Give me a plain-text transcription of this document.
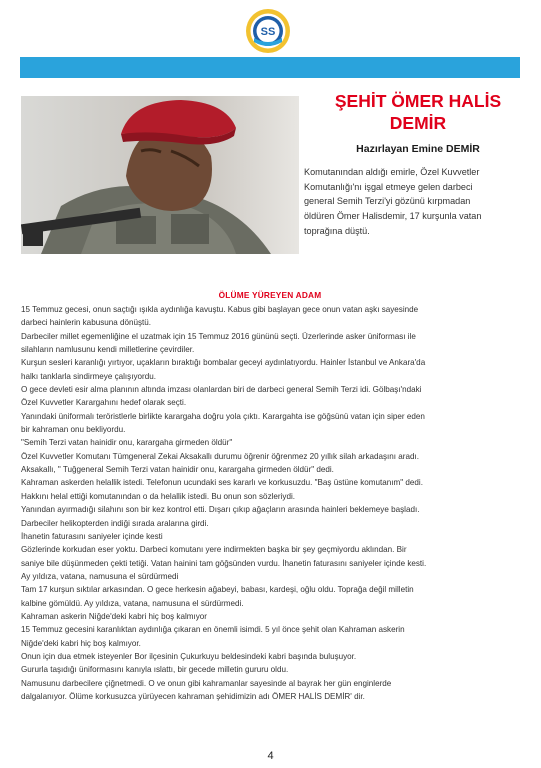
SS
ŞEHİT ÖMER HALİS
DEMİR
Hazırlayan Emine DEMİR
Komutanından aldığı emirle, Özel Kuvvetler
Komutanlığı'nı işgal etmeye gelen darbeci
general Semih Terzi'yi gözünü kırpmadan
öldüren Ömer Halisdemir, 17 kurşunla vatan
toprağına düştü.
ÖLÜME YÜREYEN ADAM

15 Temmuz gecesi, onun saçtığı ışıkla aydınlığa kavuştu. Kabus gibi başlayan gece onun vatan aşkı sayesinde

darbeci hainlerin kabusuna dönüştü.

Darbeciler millet egemenliğine el uzatmak için 15 Temmuz 2016 gününü seçti. Üzerlerinde asker üniforması ile

silahların namlusunu kendi milletlerine çevirdiler.

Kurşun sesleri karanlığı yırtıyor, uçakların bıraktığı bombalar geceyi aydınlatıyordu. Hainler İstanbul ve Ankara'da

halkı tanklarla sindirmeye çalışıyordu.

O gece devleti esir alma planının altında imzası olanlardan biri de darbeci general Semih Terzi idi. Gölbaşı'ndaki

Özel Kuvvetler Karargahını hedef olarak seçti.

Yanındaki üniformalı teröristlerle birlikte karargaha doğru yola çıktı. Karargahta ise göğsünü vatan için siper eden

bir kahraman onu bekliyordu.

"Semih Terzi vatan hainidir onu, karargaha girmeden öldür"

Özel Kuvvetler Komutanı Tümgeneral Zekai Aksakallı durumu öğrenir öğrenmez 20 yıllık silah arkadaşını aradı.

Aksakallı, " Tuğgeneral Semih Terzi vatan hainidir onu, karargaha girmeden öldür" dedi.

Kahraman askerden helallik istedi. Telefonun ucundaki ses kararlı ve korkusuzdu. "Baş üstüne komutanım" dedi.

Hakkını helal ettiği komutanından o da helallik istedi. Bu onun son sözleriydi.

Yanından ayırmadığı silahını son bir kez kontrol etti. Dışarı çıkıp ağaçların arasında hainleri beklemeye başladı.

Darbeciler helikopterden indiği sırada aralarına girdi.

İhanetin faturasını saniyeler içinde kesti

Gözlerinde korkudan eser yoktu. Darbeci komutanı yere indirmekten başka bir şey geçmiyordu aklından. Bir

saniye bile düşünmeden çekti tetiği. Vatan hainini tam göğsünden vurdu. İhanetin faturasını saniyeler içinde kesti.

Ay yıldıza, vatana, namusuna el sürdürmedi

Tam 17 kurşun sıktılar arkasından. O gece herkesin ağabeyi, babası, kardeşi, oğlu oldu. Toprağa değil milletin

kalbine gömüldü. Ay yıldıza, vatana, namusuna el sürdürmedi.

Kahraman askerin Niğde'deki kabri hiç boş kalmıyor

15 Temmuz gecesini karanlıktan aydınlığa çıkaran en önemli isimdi. 5 yıl önce şehit olan Kahraman askerin

Niğde'deki kabri hiç boş kalmıyor.

Onun için dua etmek isteyenler Bor ilçesinin Çukurkuyu beldesindeki kabri başında buluşuyor.

Gururla taşıdığı üniformasını kanıyla ıslattı, bir gecede milletin gururu oldu.

Namusunu darbecilere çiğnetmedi. O ve onun gibi kahramanlar sayesinde al bayrak her gün enginlerde

dalgalanıyor. Ölüme korkusuzca yürüyecen kahraman şehidimizin adı ÖMER HALİS DEMİR' dir.

4
